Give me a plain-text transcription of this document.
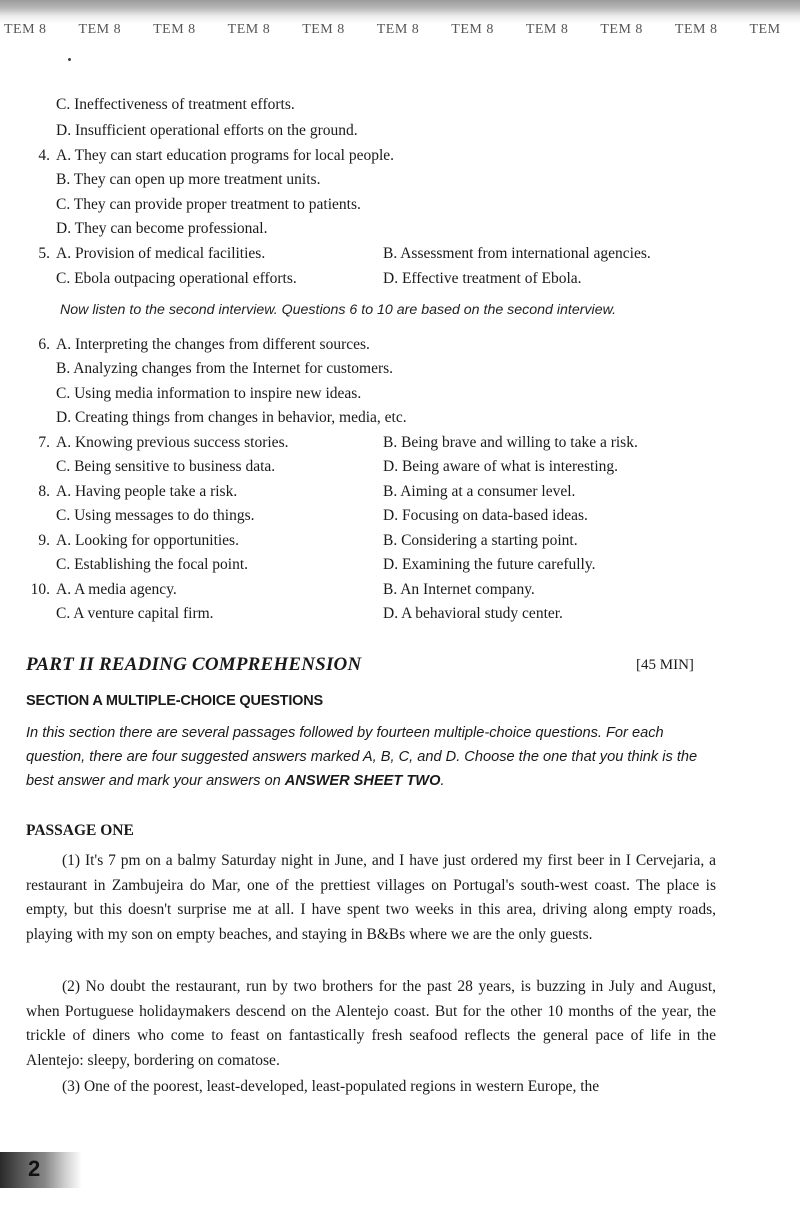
TEM 8	TEM 8	TEM 8	TEM 8	TEM 8	TEM 8	TEM 8	TEM 8	TEM 8	TEM 8	TEM
C. Ineffectiveness of treatment efforts.
D. Insufficient operational efforts on the ground.
4. A. They can start education programs for local people.
B. They can open up more treatment units.
C. They can provide proper treatment to patients.
D. They can become professional.
5. A. Provision of medical facilities.	B. Assessment from international agencies.
C. Ebola outpacing operational efforts.	D. Effective treatment of Ebola.
Now listen to the second interview. Questions 6 to 10 are based on the second interview.
6. A. Interpreting the changes from different sources.
B. Analyzing changes from the Internet for customers.
C. Using media information to inspire new ideas.
D. Creating things from changes in behavior, media, etc.
7. A. Knowing previous success stories.	B. Being brave and willing to take a risk.
C. Being sensitive to business data.	D. Being aware of what is interesting.
8. A. Having people take a risk.	B. Aiming at a consumer level.
C. Using messages to do things.	D. Focusing on data-based ideas.
9. A. Looking for opportunities.	B. Considering a starting point.
C. Establishing the focal point.	D. Examining the future carefully.
10. A. A media agency.	B. An Internet company.
C. A venture capital firm.	D. A behavioral study center.
PART II READING COMPREHENSION	[45 MIN]
SECTION A MULTIPLE-CHOICE QUESTIONS
In this section there are several passages followed by fourteen multiple-choice questions. For each question, there are four suggested answers marked A, B, C, and D. Choose the one that you think is the best answer and mark your answers on ANSWER SHEET TWO.
PASSAGE ONE
(1) It's 7 pm on a balmy Saturday night in June, and I have just ordered my first beer in I Cervejaria, a restaurant in Zambujeira do Mar, one of the prettiest villages on Portugal's south-west coast. The place is empty, but this doesn't surprise me at all. I have spent two weeks in this area, driving along empty roads, playing with my son on empty beaches, and staying in B&Bs where we are the only guests.
(2) No doubt the restaurant, run by two brothers for the past 28 years, is buzzing in July and August, when Portuguese holidaymakers descend on the Alentejo coast. But for the other 10 months of the year, the trickle of diners who come to feast on fantastically fresh seafood reflects the general pace of life in the Alentejo: sleepy, bordering on comatose.
(3) One of the poorest, least-developed, least-populated regions in western Europe, the
2
